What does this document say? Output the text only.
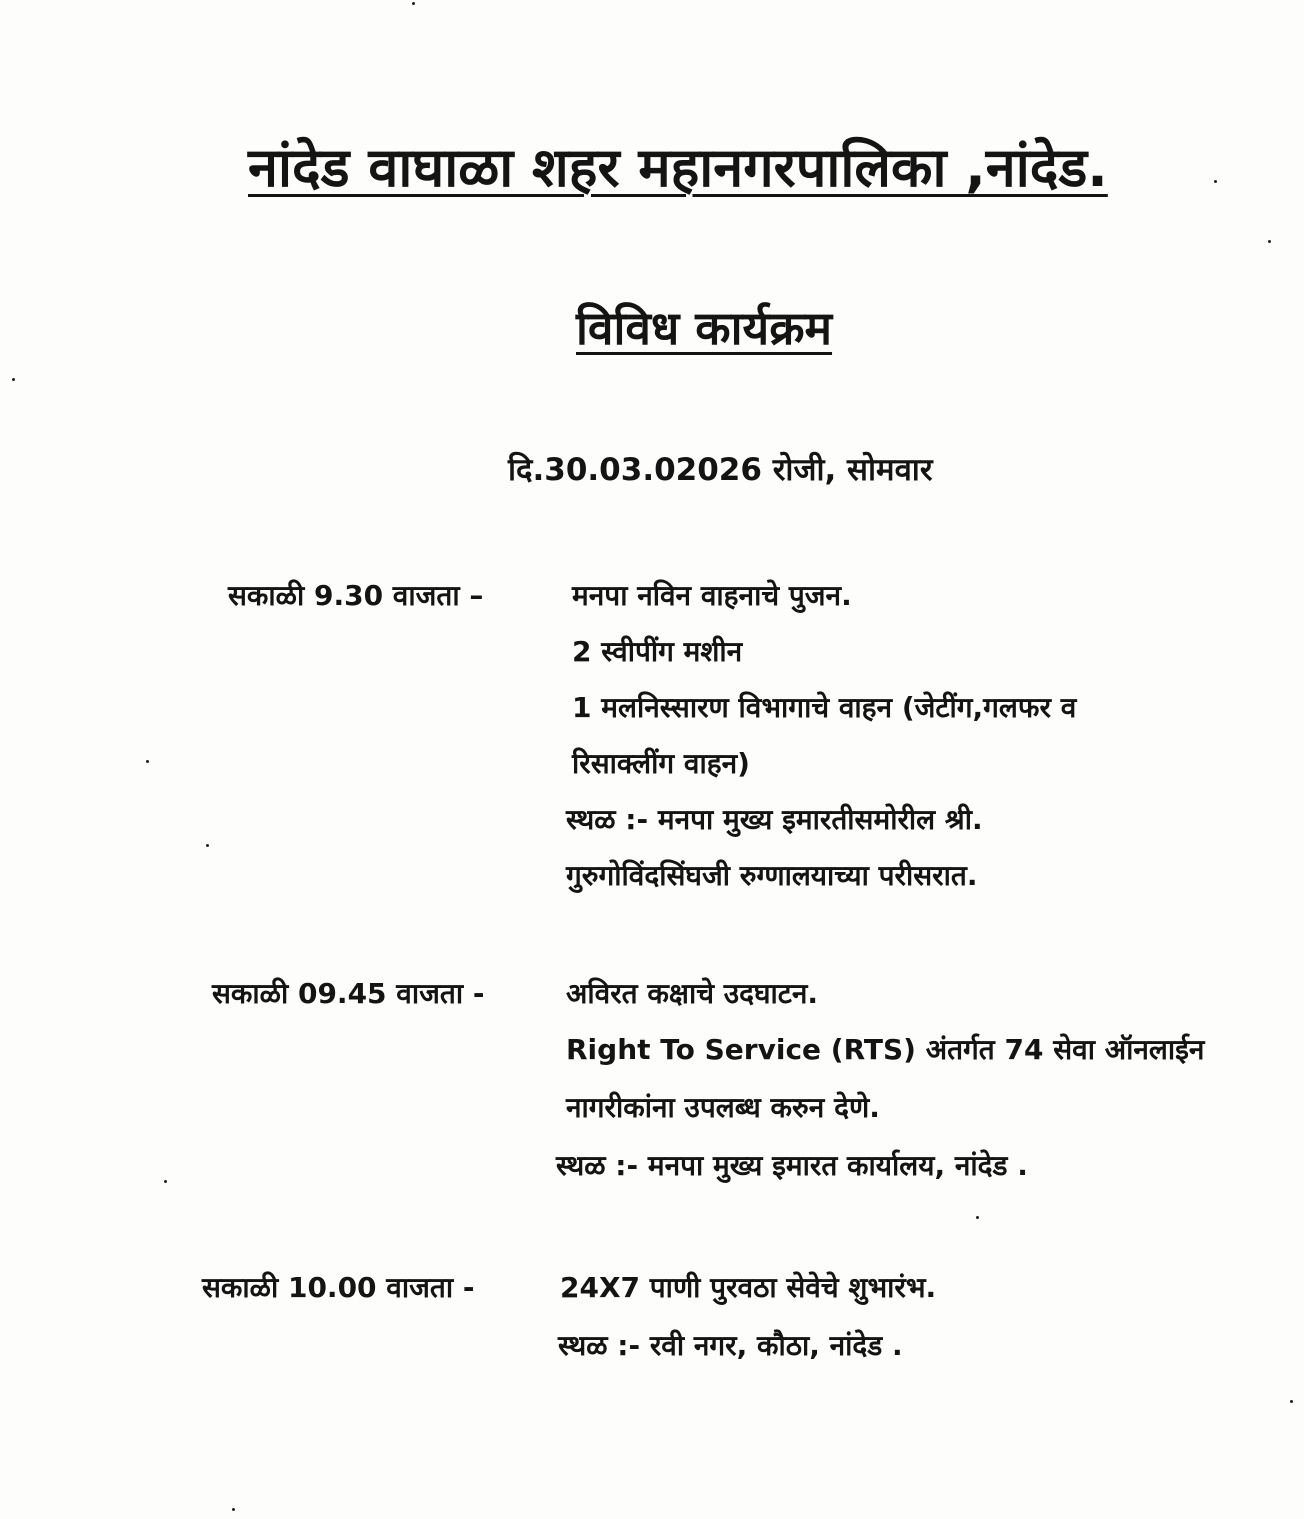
नांदेड वाघाळा शहर महानगरपालिका ,नांदेड.
विविध कार्यक्रम
दि.30.03.02026 रोजी, सोमवार
सकाळी 9.30 वाजता –	मनपा नविन वाहनाचे पुजन.
2 स्वीपींग मशीन
1 मलनिस्सारण विभागाचे वाहन (जेटींग,गलफर व
रिसाक्लींग वाहन)
स्थळ :- मनपा मुख्य इमारतीसमोरील श्री.
गुरुगोविंदसिंघजी रुग्णालयाच्या परीसरात.
सकाळी 09.45 वाजता -	अविरत कक्षाचे उदघाटन.
Right To Service (RTS) अंतर्गत 74 सेवा ऑनलाईन
नागरीकांना उपलब्ध करुन देणे.
स्थळ :- मनपा मुख्य इमारत कार्यालय, नांदेड .
सकाळी 10.00 वाजता -	24X7 पाणी पुरवठा सेवेचे शुभारंभ.
स्थळ :- रवी नगर, कौठा, नांदेड .
